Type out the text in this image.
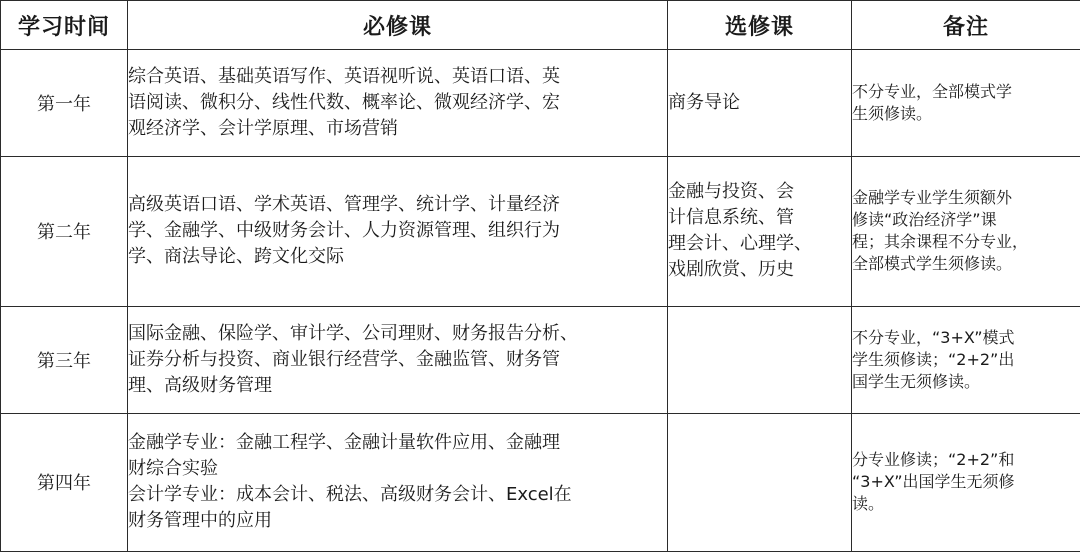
学习时间	必修课	选修课	备注
第一年	综合英语、基础英语写作、英语视听说、英语口语、英
语阅读、微积分、线性代数、概率论、微观经济学、宏
观经济学、会计学原理、市场营销	商务导论	不分专业，全部模式学
生须修读。

第二年	高级英语口语、学术英语、管理学、统计学、计量经济
学、金融学、中级财务会计、人力资源管理、组织行为
学、商法导论、跨文化交际	金融与投资、会
计信息系统、管
理会计、心理学、
戏剧欣赏、历史	金融学专业学生须额外
修读“政治经济学”课
程；其余课程不分专业，
全部模式学生须修读。

第三年	国际金融、保险学、审计学、公司理财、财务报告分析、
证券分析与投资、商业银行经营学、金融监管、财务管
理、高级财务管理		不分专业，“3+X”模式
学生须修读；“2+2”出
国学生无须修读。

第四年	金融学专业：金融工程学、金融计量软件应用、金融理
财综合实验
会计学专业：成本会计、税法、高级财务会计、Excel在
财务管理中的应用		分专业修读；“2+2”和
“3+X”出国学生无须修
读。
